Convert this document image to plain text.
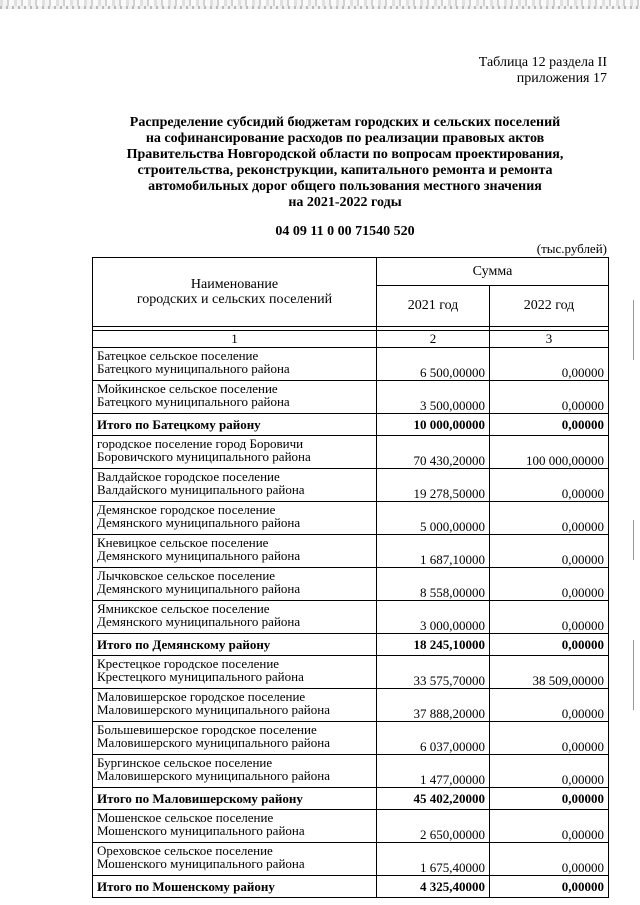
Таблица 12 раздела II
приложения 17
Распределение субсидий бюджетам городских и сельских поселений
на софинансирование расходов по реализации правовых актов
Правительства Новгородской области по вопросам проектирования,
строительства, реконструкции, капитального ремонта и ремонта
автомобильных дорог общего пользования местного значения
на 2021-2022 годы
04 09 11 0 00 71540 520
(тыс.рублей)
Наименование
городских и сельских поселений	Сумма	
	2021 год	2022 год

1	2	3

Батецкое сельское поселение
Батецкого муниципального района	6 500,00000	0,00000

Мойкинское сельское поселение
Батецкого муниципального района	3 500,00000	0,00000
Итого по Батецкому району	10 000,00000	0,00000

городское поселение город Боровичи
Боровичского муниципального района	70 430,20000	100 000,00000

Валдайское городское поселение
Валдайского муниципального района	19 278,50000	0,00000

Демянское городское поселение
Демянского муниципального района	5 000,00000	0,00000

Кневицкое сельское поселение
Демянского муниципального района	1 687,10000	0,00000

Лычковское сельское поселение
Демянского муниципального района	8 558,00000	0,00000

Ямникское сельское поселение
Демянского муниципального района	3 000,00000	0,00000
Итого по Демянскому району	18 245,10000	0,00000

Крестецкое городское поселение
Крестецкого муниципального района	33 575,70000	38 509,00000

Маловишерское городское поселение
Маловишерского муниципального района	37 888,20000	0,00000

Большевишерское городское поселение
Маловишерского муниципального района	6 037,00000	0,00000

Бургинское сельское поселение
Маловишерского муниципального района	1 477,00000	0,00000
Итого по Маловишерскому району	45 402,20000	0,00000

Мошенское сельское поселение
Мошенского муниципального района	2 650,00000	0,00000

Ореховское сельское поселение
Мошенского муниципального района	1 675,40000	0,00000
Итого по Мошенскому району	4 325,40000	0,00000
